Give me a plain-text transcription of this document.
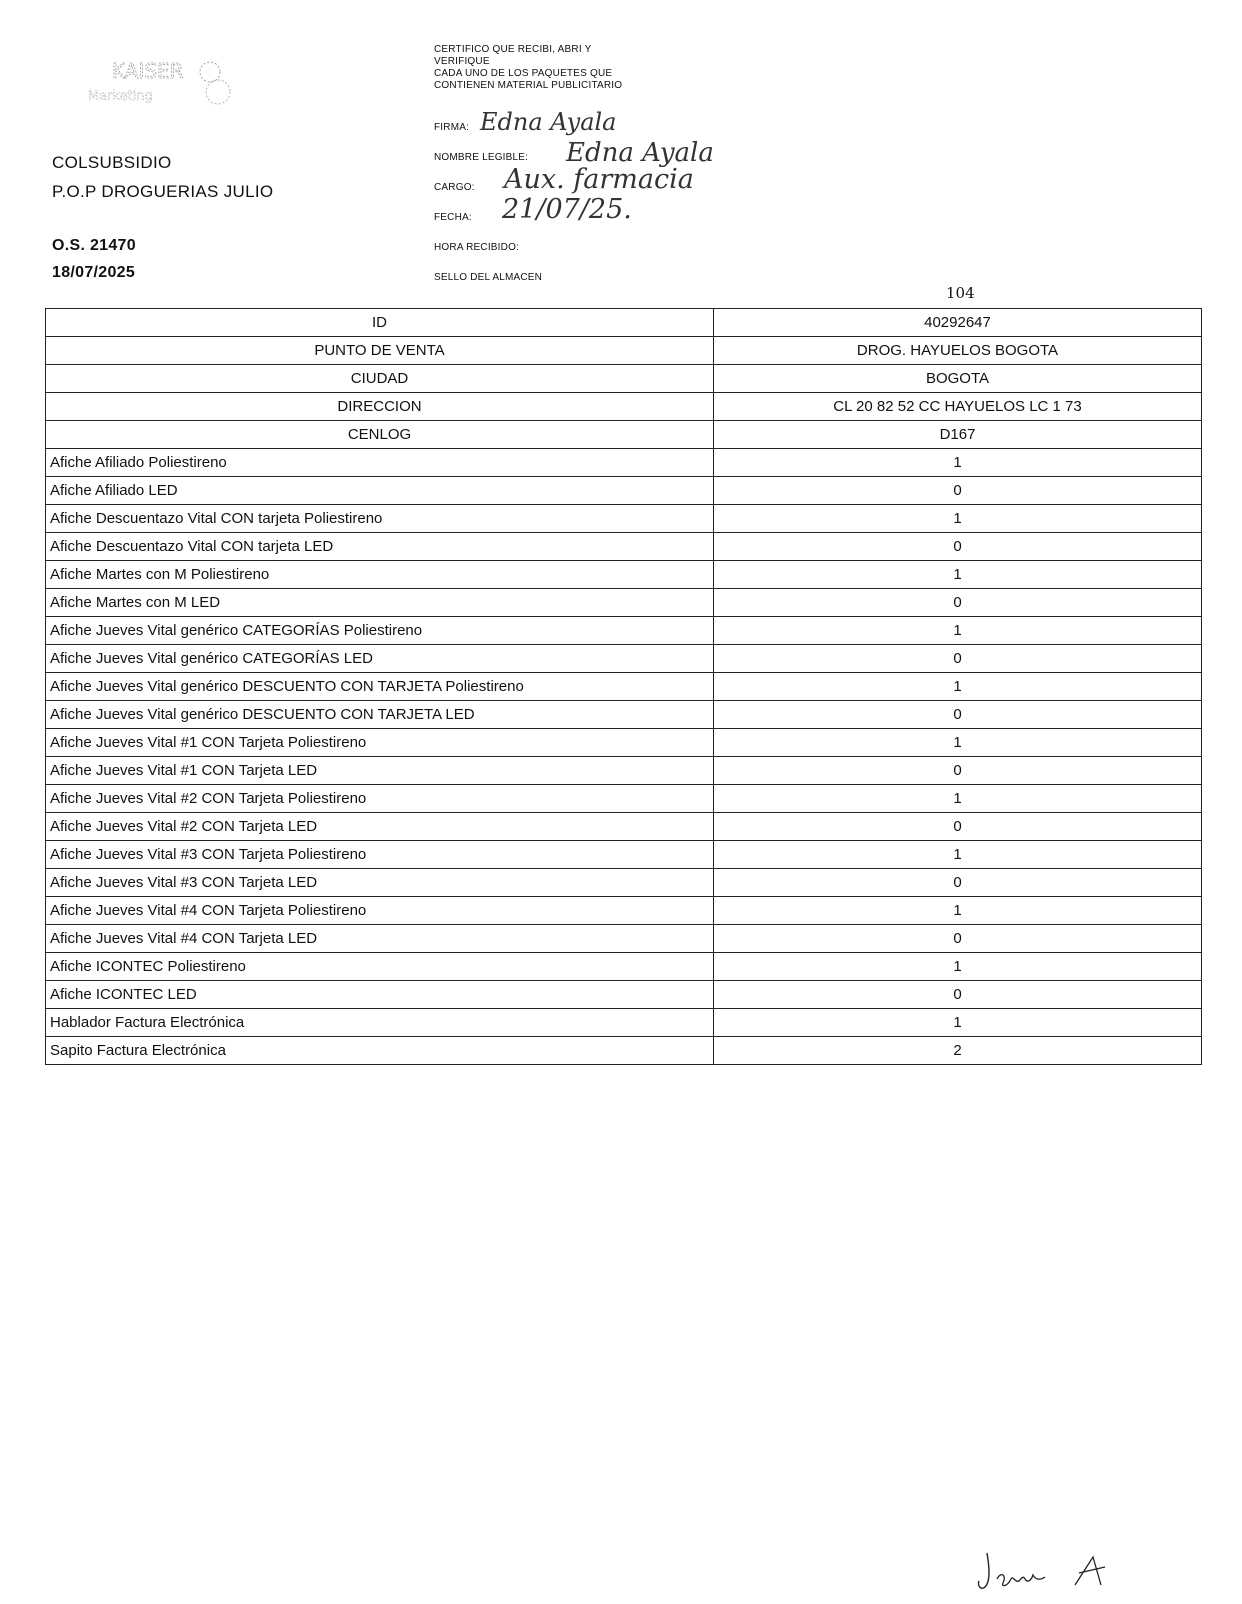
KAISER
Marketing
COLSUBSIDIO
P.O.P DROGUERIAS JULIO
O.S. 21470
18/07/2025
CERTIFICO QUE RECIBI, ABRI Y
VERIFIQUE
CADA UNO DE LOS PAQUETES QUE
CONTIENEN MATERIAL PUBLICITARIO
FIRMA: Edna Ayala
NOMBRE LEGIBLE: Edna Ayala
CARGO: Aux. farmacia
FECHA: 21/07/25.
HORA RECIBIDO:
SELLO DEL ALMACEN
104
ID	40292647
PUNTO DE VENTA	DROG. HAYUELOS BOGOTA
CIUDAD	BOGOTA
DIRECCION	CL 20 82 52 CC HAYUELOS LC 1 73
CENLOG	D167
Afiche Afiliado Poliestireno	1
Afiche Afiliado LED	0
Afiche Descuentazo Vital CON tarjeta Poliestireno	1
Afiche Descuentazo Vital CON tarjeta LED	0
Afiche Martes con M Poliestireno	1
Afiche Martes con M LED	0
Afiche Jueves Vital genérico CATEGORÍAS Poliestireno	1
Afiche Jueves Vital genérico CATEGORÍAS LED	0
Afiche Jueves Vital genérico DESCUENTO CON TARJETA Poliestireno	1
Afiche Jueves Vital genérico DESCUENTO CON TARJETA LED	0
Afiche Jueves Vital #1 CON Tarjeta Poliestireno	1
Afiche Jueves Vital #1 CON Tarjeta LED	0
Afiche Jueves Vital #2 CON Tarjeta Poliestireno	1
Afiche Jueves Vital #2 CON Tarjeta LED	0
Afiche Jueves Vital #3 CON Tarjeta Poliestireno	1
Afiche Jueves Vital #3 CON Tarjeta LED	0
Afiche Jueves Vital #4 CON Tarjeta Poliestireno	1
Afiche Jueves Vital #4 CON Tarjeta LED	0
Afiche ICONTEC Poliestireno	1
Afiche ICONTEC LED	0
Hablador Factura Electrónica	1
Sapito Factura Electrónica	2
